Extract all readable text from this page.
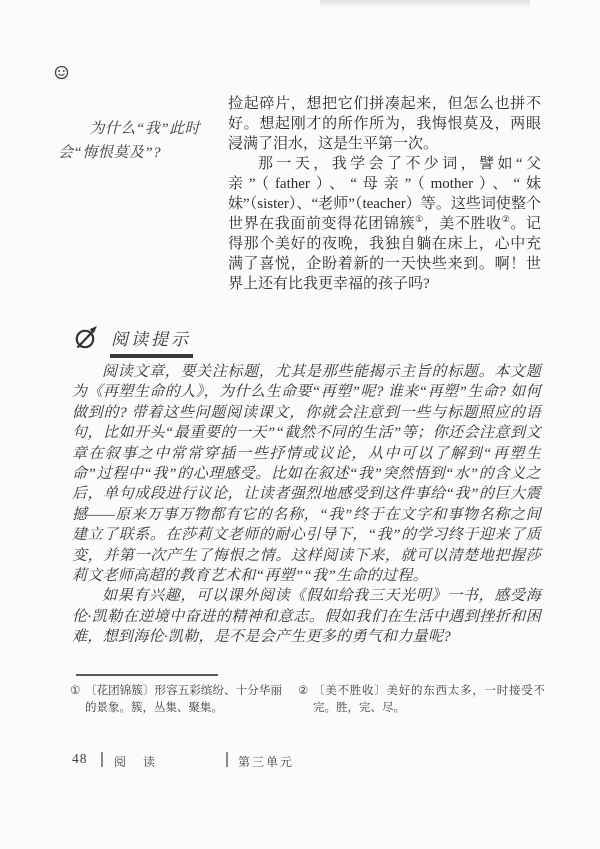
为什么“我”此时会“悔恨莫及”?

捡起碎片，想把它们拼凑起来，但怎么也拼不好。想起刚才的所作所为，我悔恨莫及，两眼浸满了泪水，这是生平第一次。

那一天，我学会了不少词，譬如“父亲”（father）、“母亲”（mother）、“妹妹”（sister）、“老师”（teacher）等。这些词使整个世界在我面前变得花团锦簇①，美不胜收②。记得那个美好的夜晚，我独自躺在床上，心中充满了喜悦，企盼着新的一天快些来到。啊！世界上还有比我更幸福的孩子吗?

阅读提示

阅读文章，要关注标题，尤其是那些能揭示主旨的标题。本文题为《再塑生命的人》，为什么生命要“再塑”呢? 谁来“再塑”生命? 如何做到的? 带着这些问题阅读课文，你就会注意到一些与标题照应的语句，比如开头“最重要的一天”“截然不同的生活”等；你还会注意到文章在叙事之中常常穿插一些抒情或议论，从中可以了解到“再塑生命”过程中“我”的心理感受。比如在叙述“我”突然悟到“水”的含义之后，单句成段进行议论，让读者强烈地感受到这件事给“我”的巨大震撼——原来万事万物都有它的名称，“我”终于在文字和事物名称之间建立了联系。在莎莉文老师的耐心引导下，“我”的学习终于迎来了质变，并第一次产生了悔恨之情。这样阅读下来，就可以清楚地把握莎莉文老师高超的教育艺术和“再塑”“我”生命的过程。

如果有兴趣，可以课外阅读《假如给我三天光明》一书，感受海伦·凯勒在逆境中奋进的精神和意志。假如我们在生活中遇到挫折和困难，想到海伦·凯勒，是不是会产生更多的勇气和力量呢?

① 〔花团锦簇〕形容五彩缤纷、十分华丽的景象。簇，丛集、聚集。
② 〔美不胜收〕美好的东西太多，一时接受不完。胜，完、尽。
48 阅 读	第三单元
